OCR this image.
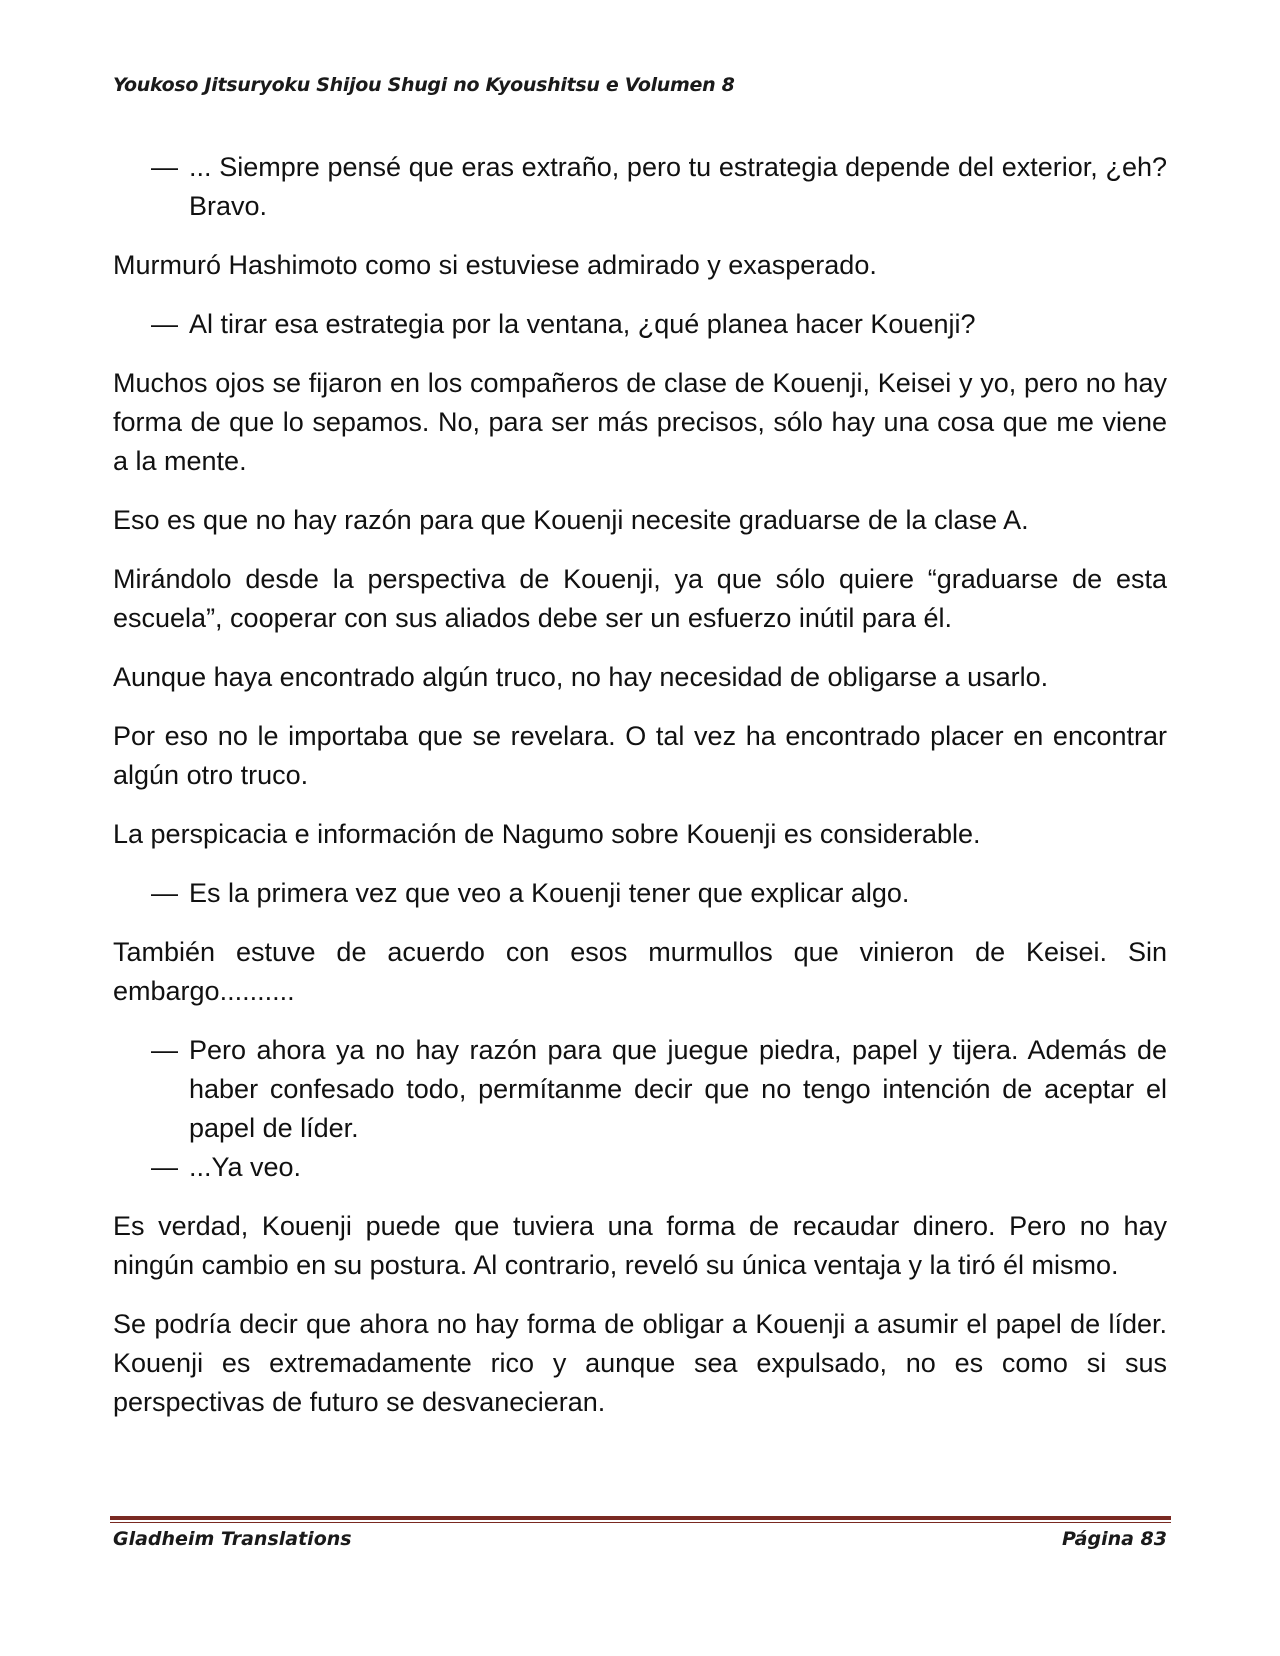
Youkoso Jitsuryoku Shijou Shugi no Kyoushitsu e Volumen 8

— ... Siempre pensé que eras extraño, pero tu estrategia depende del exterior, ¿eh? Bravo.

Murmuró Hashimoto como si estuviese admirado y exasperado.

— Al tirar esa estrategia por la ventana, ¿qué planea hacer Kouenji?

Muchos ojos se fijaron en los compañeros de clase de Kouenji, Keisei y yo, pero no hay forma de que lo sepamos. No, para ser más precisos, sólo hay una cosa que me viene a la mente.

Eso es que no hay razón para que Kouenji necesite graduarse de la clase A.

Mirándolo desde la perspectiva de Kouenji, ya que sólo quiere “graduarse de esta escuela”, cooperar con sus aliados debe ser un esfuerzo inútil para él.

Aunque haya encontrado algún truco, no hay necesidad de obligarse a usarlo.

Por eso no le importaba que se revelara. O tal vez ha encontrado placer en encontrar algún otro truco.

La perspicacia e información de Nagumo sobre Kouenji es considerable.

— Es la primera vez que veo a Kouenji tener que explicar algo.

También estuve de acuerdo con esos murmullos que vinieron de Keisei. Sin embargo..........

— Pero ahora ya no hay razón para que juegue piedra, papel y tijera. Además de haber confesado todo, permítanme decir que no tengo intención de aceptar el papel de líder.

— ...Ya veo.

Es verdad, Kouenji puede que tuviera una forma de recaudar dinero. Pero no hay ningún cambio en su postura. Al contrario, reveló su única ventaja y la tiró él mismo.

Se podría decir que ahora no hay forma de obligar a Kouenji a asumir el papel de líder. Kouenji es extremadamente rico y aunque sea expulsado, no es como si sus perspectivas de futuro se desvanecieran.

Gladheim Translations	Página 83
